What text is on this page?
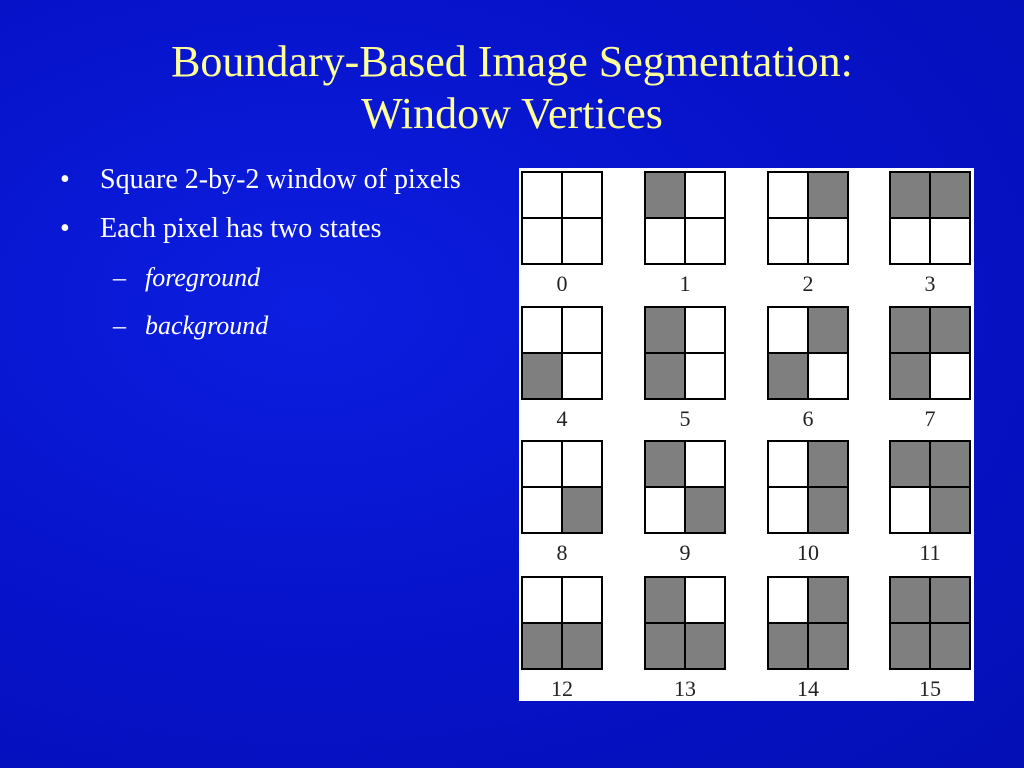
Boundary-Based Image Segmentation:
Window Vertices
• Square 2-by-2 window of pixels
• Each pixel has two states
– foreground
– background
0	1	2	3
4	5	6	7
8	9	10	11
12	13	14	15
